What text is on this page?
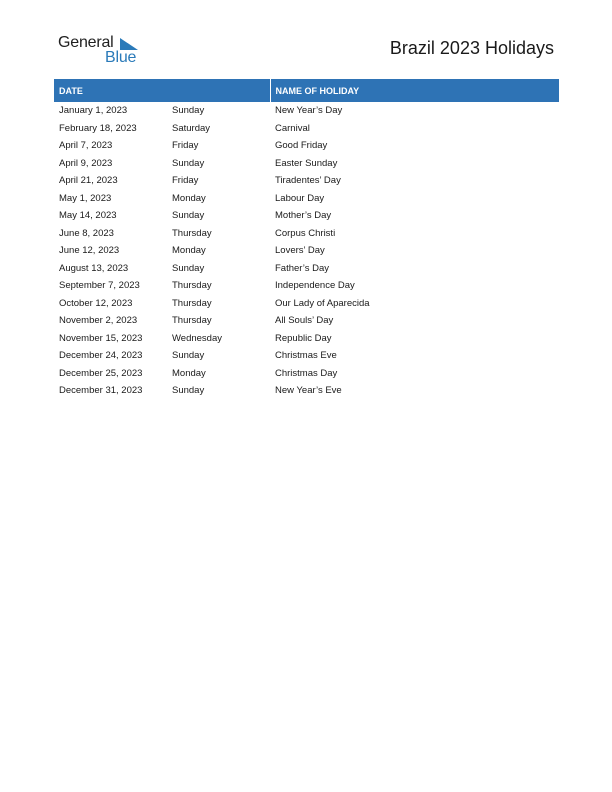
General
Blue	Brazil 2023 Holidays
DATE		NAME OF HOLIDAY
January 1, 2023	Sunday	New Year’s Day
February 18, 2023	Saturday	Carnival
April 7, 2023	Friday	Good Friday
April 9, 2023	Sunday	Easter Sunday
April 21, 2023	Friday	Tiradentes’ Day
May 1, 2023	Monday	Labour Day
May 14, 2023	Sunday	Mother’s Day
June 8, 2023	Thursday	Corpus Christi
June 12, 2023	Monday	Lovers’ Day
August 13, 2023	Sunday	Father’s Day
September 7, 2023	Thursday	Independence Day
October 12, 2023	Thursday	Our Lady of Aparecida
November 2, 2023	Thursday	All Souls’ Day
November 15, 2023	Wednesday	Republic Day
December 24, 2023	Sunday	Christmas Eve
December 25, 2023	Monday	Christmas Day
December 31, 2023	Sunday	New Year’s Eve
